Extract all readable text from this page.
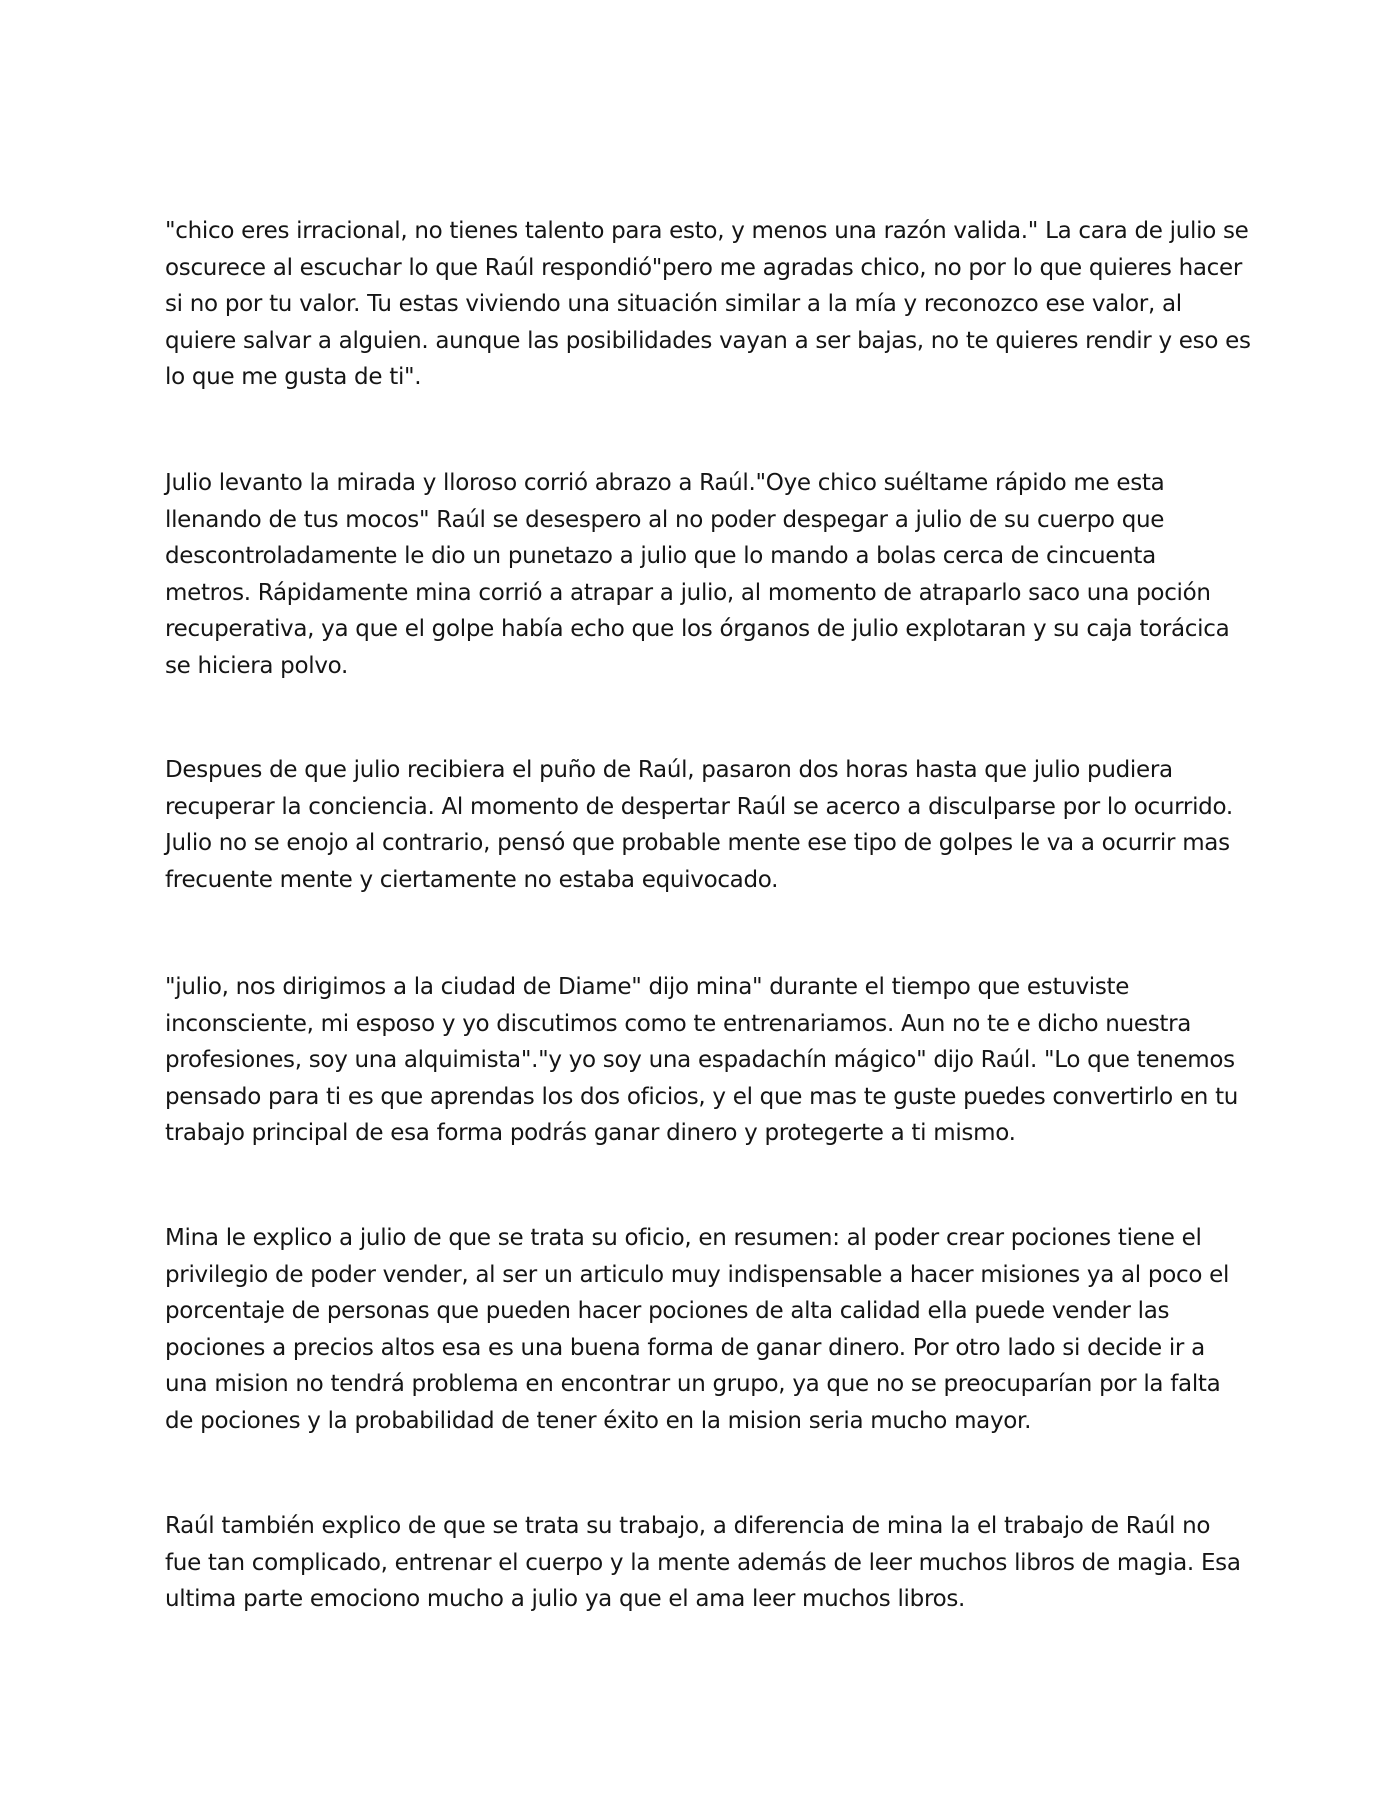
"chico eres irracional, no tienes talento para esto, y menos una razón valida." La cara de julio se
oscurece al escuchar lo que Raúl respondió"pero me agradas chico, no por lo que quieres hacer
si no por tu valor. Tu estas viviendo una situación similar a la mía y reconozco ese valor, al
quiere salvar a alguien. aunque las posibilidades vayan a ser bajas, no te quieres rendir y eso es
lo que me gusta de ti".
Julio levanto la mirada y lloroso corrió abrazo a Raúl."Oye chico suéltame rápido me esta
llenando de tus mocos" Raúl se desespero al no poder despegar a julio de su cuerpo que
descontroladamente le dio un punetazo a julio que lo mando a bolas cerca de cincuenta
metros. Rápidamente mina corrió a atrapar a julio, al momento de atraparlo saco una poción
recuperativa, ya que el golpe había echo que los órganos de julio explotaran y su caja torácica
se hiciera polvo.
Despues de que julio recibiera el puño de Raúl, pasaron dos horas hasta que julio pudiera
recuperar la conciencia. Al momento de despertar Raúl se acerco a disculparse por lo ocurrido.
Julio no se enojo al contrario, pensó que probable mente ese tipo de golpes le va a ocurrir mas
frecuente mente y ciertamente no estaba equivocado.
"julio, nos dirigimos a la ciudad de Diame" dijo mina" durante el tiempo que estuviste
inconsciente, mi esposo y yo discutimos como te entrenariamos. Aun no te e dicho nuestra
profesiones, soy una alquimista"."y yo soy una espadachín mágico" dijo Raúl. "Lo que tenemos
pensado para ti es que aprendas los dos oficios, y el que mas te guste puedes convertirlo en tu
trabajo principal de esa forma podrás ganar dinero y protegerte a ti mismo.
Mina le explico a julio de que se trata su oficio, en resumen: al poder crear pociones tiene el
privilegio de poder vender, al ser un articulo muy indispensable a hacer misiones ya al poco el
porcentaje de personas que pueden hacer pociones de alta calidad ella puede vender las
pociones a precios altos esa es una buena forma de ganar dinero. Por otro lado si decide ir a
una mision no tendrá problema en encontrar un grupo, ya que no se preocuparían por la falta
de pociones y la probabilidad de tener éxito en la mision seria mucho mayor.
Raúl también explico de que se trata su trabajo, a diferencia de mina la el trabajo de Raúl no
fue tan complicado, entrenar el cuerpo y la mente además de leer muchos libros de magia. Esa
ultima parte emociono mucho a julio ya que el ama leer muchos libros.
